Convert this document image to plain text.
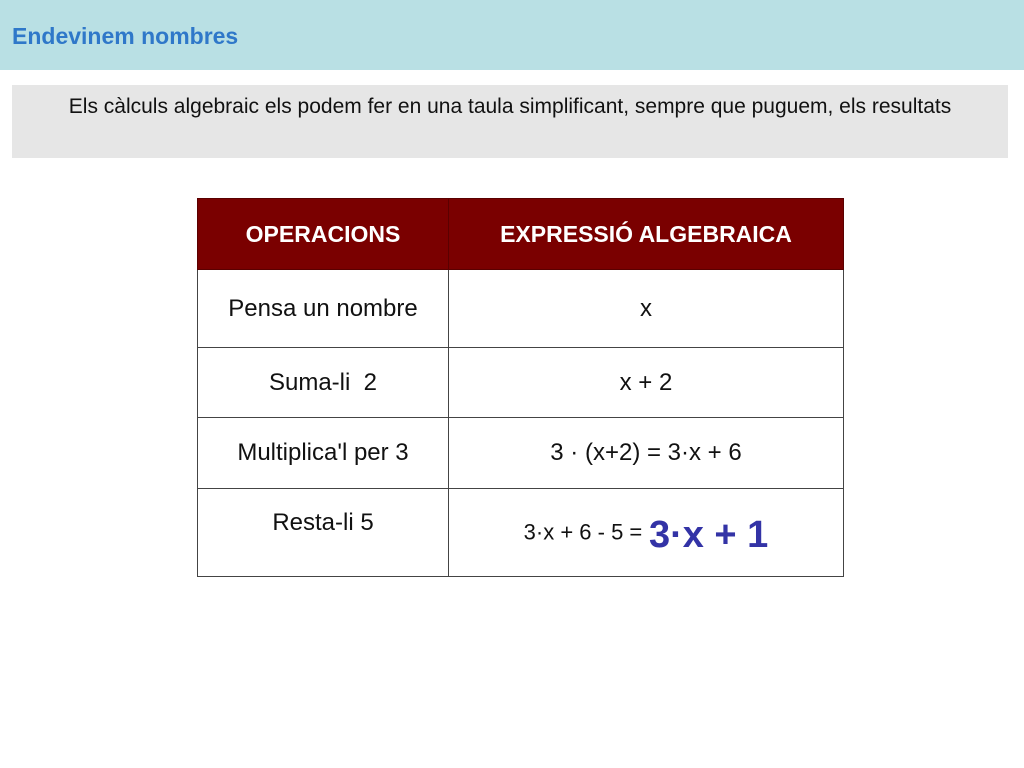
Endevinem nombres
Els càlculs algebraic els podem fer en una taula simplificant, sempre que puguem, els resultats
OPERACIONS	EXPRESSIÓ ALGEBRAICA
Pensa un nombre	x
Suma-li  2	x + 2
Multiplica'l per 3	3 · (x+2) = 3·x + 6
Resta-li 5	3·x + 6 - 5 = 3·x + 1
